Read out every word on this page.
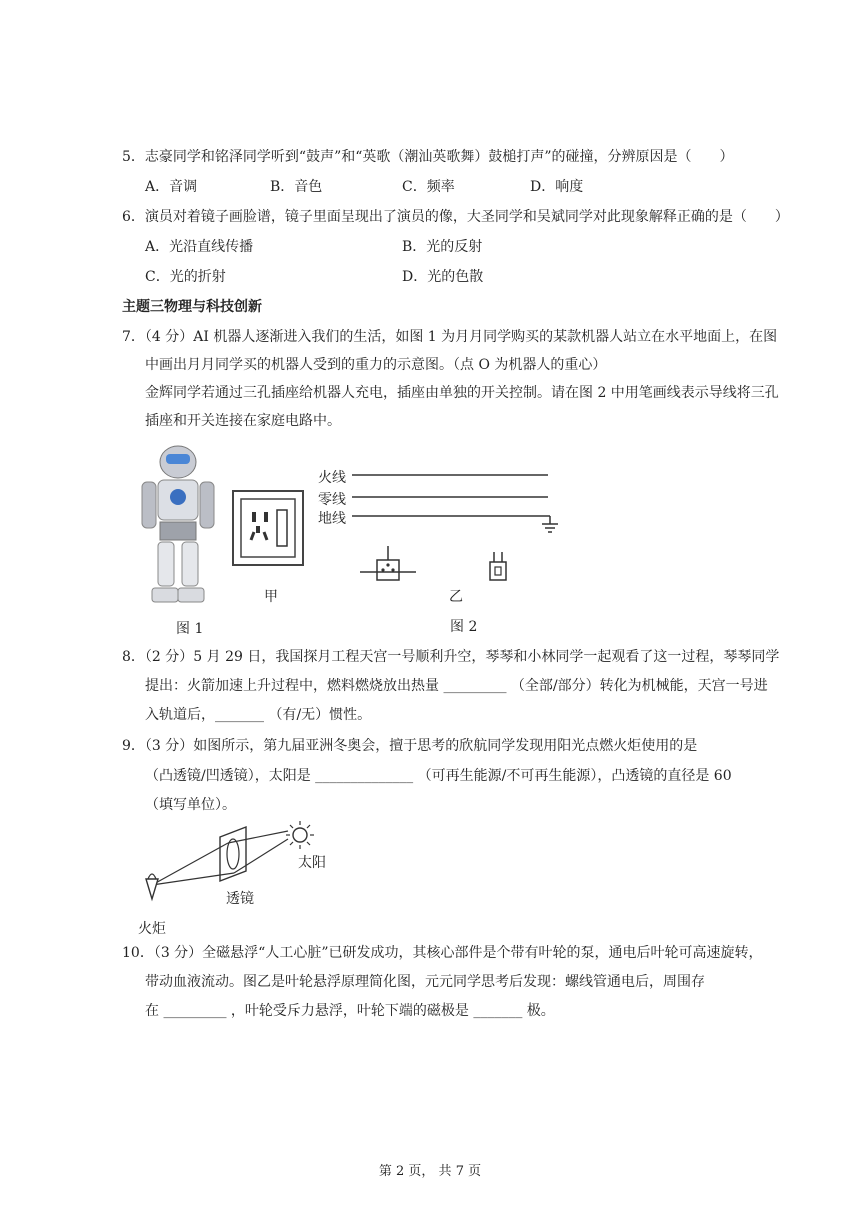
5．志豪同学和铭泽同学听到“鼓声”和“英歌（潮汕英歌舞）鼓槌打声”的碰撞，分辨原因是（　　）
A．音调	B．音色	C．频率	D．响度
6．演员对着镜子画脸谱，镜子里面呈现出了演员的像，大圣同学和吴斌同学对此现象解释正确的是（　　）
A．光沿直线传播	B．光的反射
C．光的折射	D．光的色散
主题三物理与科技创新
7．（4 分）AI 机器人逐渐进入我们的生活，如图 1 为月月同学购买的某款机器人站立在水平地面上，在图
中画出月月同学买的机器人受到的重力的示意图。（点 O 为机器人的重心）
金辉同学若通过三孔插座给机器人充电，插座由单独的开关控制。请在图 2 中用笔画线表示导线将三孔
插座和开关连接在家庭电路中。
图 1
甲
火线
零线
地线
乙
图 2
8．（2 分）5 月 29 日，我国探月工程天宫一号顺利升空，琴琴和小林同学一起观看了这一过程，琴琴同学
提出：火箭加速上升过程中，燃料燃烧放出热量 _________ （全部/部分）转化为机械能，天宫一号进
入轨道后，_______ （有/无）惯性。
9．（3 分）如图所示，第九届亚洲冬奥会，擅于思考的欣航同学发现用阳光点燃火炬使用的是
（凸透镜/凹透镜），太阳是 ______________ （可再生能源/不可再生能源），凸透镜的直径是 60
（填写单位）。
太阳
透镜
火炬
10．（3 分）全磁悬浮“人工心脏”已研发成功，其核心部件是个带有叶轮的泵，通电后叶轮可高速旋转，
带动血液流动。图乙是叶轮悬浮原理简化图，元元同学思考后发现：螺线管通电后，周围存
在 _________ ，叶轮受斥力悬浮，叶轮下端的磁极是 _______ 极。
第 2 页， 共 7 页
